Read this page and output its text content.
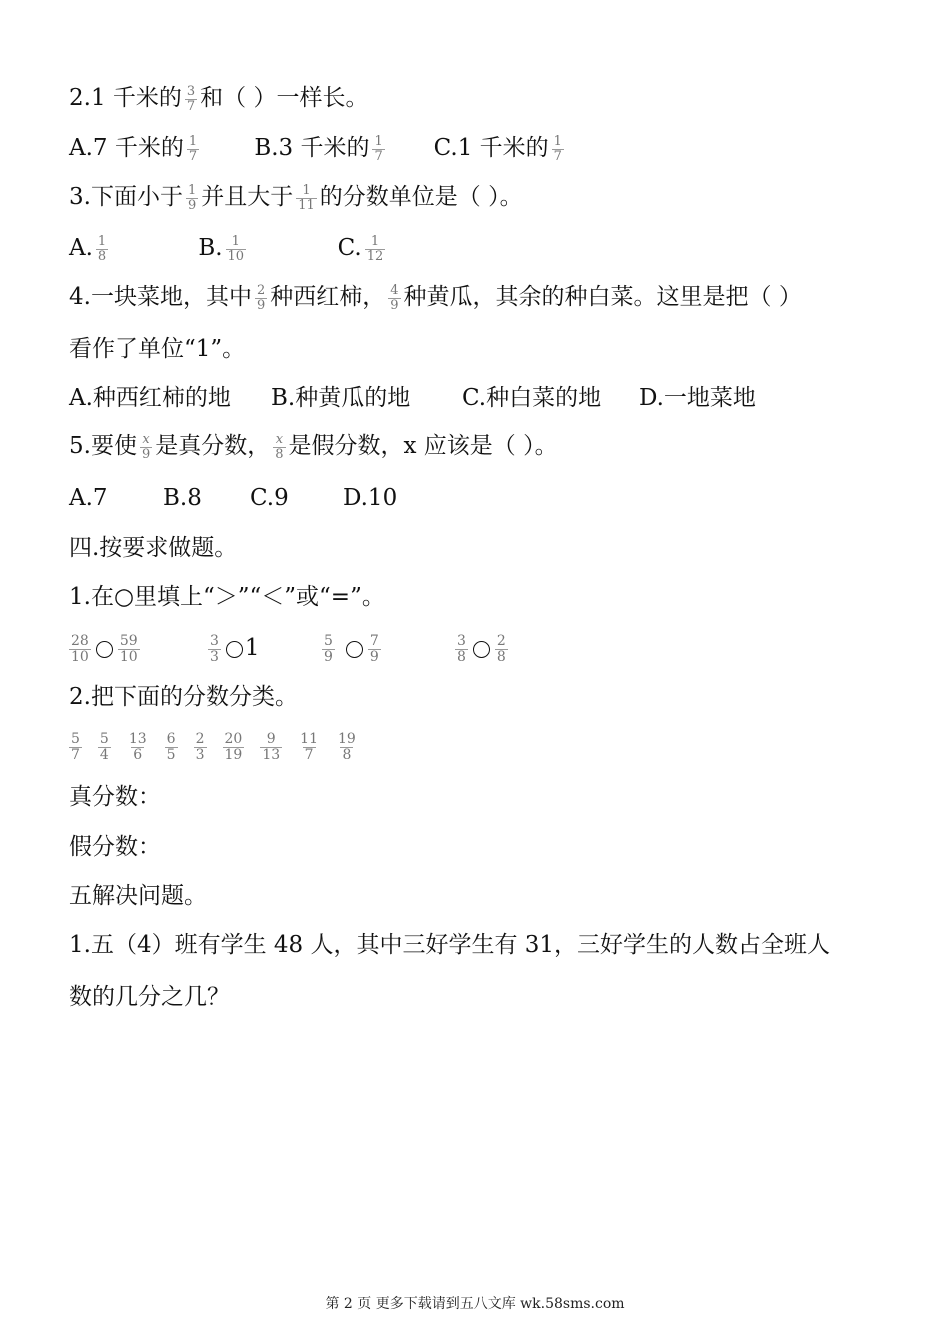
2.1 千米的 $\frac{3}{7}$ 和（ ）一样长。
A.7 千米的 $\frac{1}{7} B.3$ 千米的 $\frac{1}{7} C.1$ 千米的 $\frac{1}{7}$
3.下面小于 $\frac{1}{9}$ 并且大于 $\frac{1}{11}$ 的分数单位是（ ）。
A. $\frac{1}{8}$	B. $\frac{1}{10}$	C. $\frac{1}{12}$
4.一块菜地，其中 $\frac{2}{9}$ 种西红柿， $\frac{4}{9}$ 种黄瓜，其余的种白菜。这里是把（ ）
看作了单位“1”。
A.种西红柿的地 B.种黄瓜的地 C.种白菜的地 D.一地菜地
5.要使 $\frac{x}{9}$ 是真分数， $\frac{x}{8}$ 是假分数，x 应该是（ ）。
A.7 B.8 C.9 D.10
四.按要求做题。
1.在○里填上“＞”“＜”或“=”。
$\frac{28}{10} \frac{59}{10}$	$\frac{3}{3} 1$	$\frac{5}{9} \frac{7}{9}$	$\frac{3}{8} \frac{2}{8}$
2.把下面的分数分类。
$\frac{5}{7} \frac{5}{4} \frac{13}{6} \frac{6}{5} \frac{2}{3} \frac{20}{19} \frac{9}{13} \frac{11}{7} \frac{19}{8}$
真分数：
假分数：
五解决问题。
1.五（4）班有学生 48 人，其中三好学生有 31，三好学生的人数占全班人
数的几分之几？
第 2 页 更多下载请到五八文库 wk.58sms.com
